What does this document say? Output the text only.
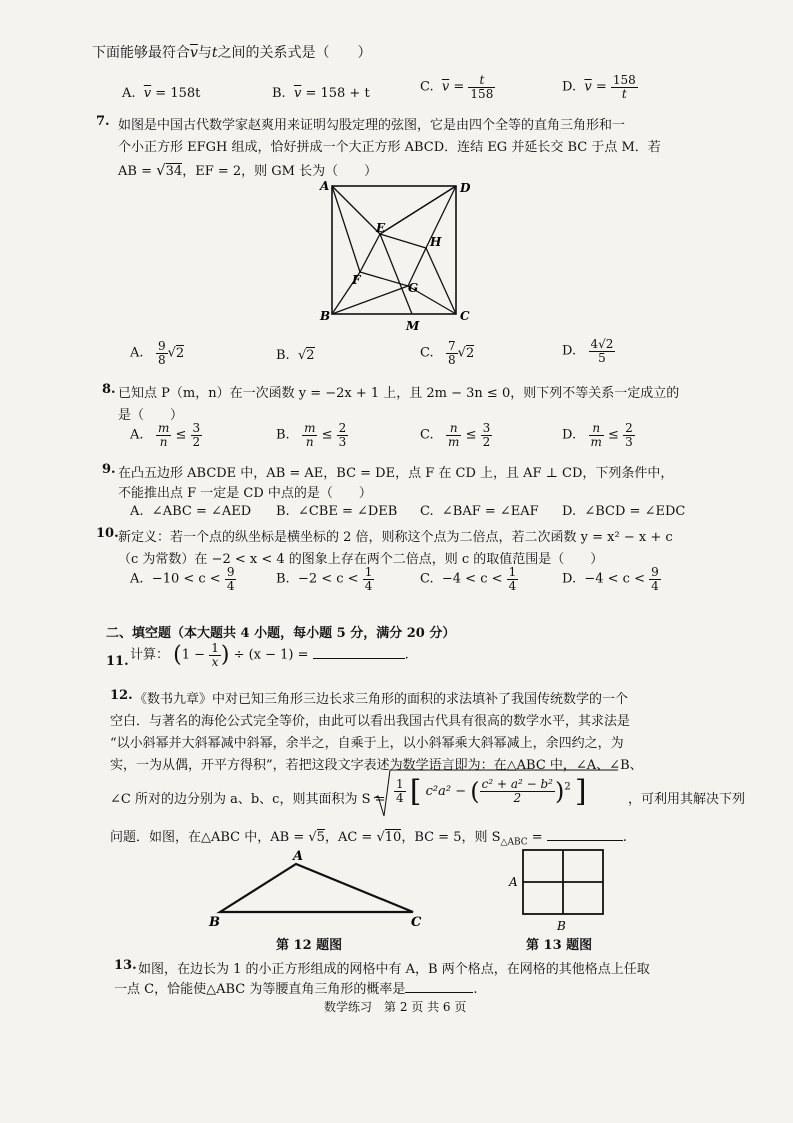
下面能够最符合$\overline{v}$与t之间的关系式是（　　）
A. $\overline{v} = 158t$	B. $\overline{v} = 158 + t$	C. $\overline{v} = \frac{t}{158}$	D. $\overline{v} = \frac{158}{t}$
7. 如图是中国古代数学家赵爽用来证明勾股定理的弦图，它是由四个全等的直角三角形和一
个小正方形 EFGH 组成，恰好拼成一个大正方形 ABCD．连结 EG 并延长交 BC 于点 M．若
AB = √34，EF = 2，则 GM 长为（　　）
A	D
B	C
E
F
G
H
M
A. $\frac{9}{8} √2$	B. √2	C. $\frac{7}{8} √2$	D. $\frac{4√2}{5}$
8. 已知点 P（m，n）在一次函数 y = −2x + 1 上，且 2m − 3n ≤ 0，则下列不等关系一定成立的
是（　　）
A. $\frac{m}{n} \le \frac{3}{2}$	B. $\frac{m}{n} \le \frac{2}{3}$	C. $\frac{n}{m} \le \frac{3}{2}$	D. $\frac{n}{m} \le \frac{2}{3}$
9. 在凸五边形 ABCDE 中，AB = AE，BC = DE，点 F 在 CD 上，且 AF ⊥ CD，下列条件中，
不能推出点 F 一定是 CD 中点的是（　　）
A. ∠ABC = ∠AED B. ∠CBE = ∠DEB C. ∠BAF = ∠EAF D. ∠BCD = ∠EDC
10. 新定义：若一个点的纵坐标是横坐标的 2 倍，则称这个点为二倍点，若二次函数 y = x² − x + c
（c 为常数）在 −2 < x < 4 的图象上存在两个二倍点，则 c 的取值范围是（　　）
A. $-10 < c < \frac{9}{4}$	B. $-2 < c < \frac{1}{4}$	C. $-4 < c < \frac{1}{4}$	D. $-4 < c < \frac{9}{4}$
二、填空题（本大题共 4 小题，每小题 5 分，满分 20 分）
11. 计算： ($1 - \frac{1}{x}$ ) ÷ (x − 1) =	.
12. 《数书九章》中对已知三角形三边长求三角形的面积的求法填补了我国传统数学的一个
空白．与著名的海伦公式完全等价，由此可以看出我国古代具有很高的数学水平，其求法是
“以小斜幂并大斜幂减中斜幂，余半之，自乘于上，以小斜幂乘大斜幂减上，余四约之，为
实，一为从偶，开平方得积”，若把这段文字表述为数学语言即为：在△ABC 中，∠A、∠B、
∠C 所对的边分别为 a、b、c，则其面积为 $S = \frac{1}{4}$ [ c²a² − ( $\frac{\text{c² + a² − b²}}{2} )^2$ ]	，可利用其解决下列
问题．如图，在△ABC 中，AB = √5，AC = √10，BC = 5，则 $S_{\triangle ABC}$ =	.
A
B	C
第 12 题图
A
B
第 13 题图
13. 如图，在边长为 1 的小正方形组成的网格中有 A，B 两个格点，在网格的其他格点上任取
一点 C，恰能使△ABC 为等腰直角三角形的概率是	.
数学练习　第 2 页 共 6 页
